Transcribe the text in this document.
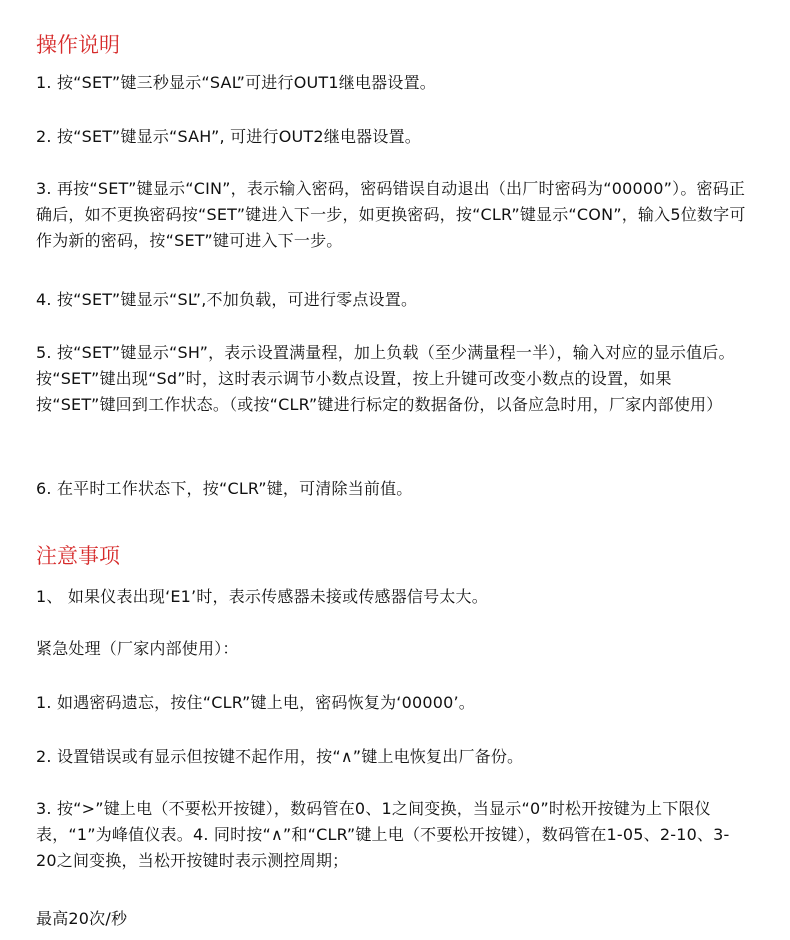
操作说明

1. 按“SET”键三秒显示“SAL”可进行OUT1继电器设置。

2. 按“SET”键显示“SAH”, 可进行OUT2继电器设置。

3. 再按“SET”键显示“CIN”，表示输入密码，密码错误自动退出（出厂时密码为“00000”）。密码正确后，如不更换密码按“SET”键进入下一步，如更换密码，按“CLR”键显示“CON”，输入5位数字可作为新的密码，按“SET”键可进入下一步。

4. 按“SET”键显示“SL”,不加负载，可进行零点设置。

5. 按“SET”键显示“SH”，表示设置满量程，加上负载（至少满量程一半），输入对应的显示值后。按“SET”键出现“Sd”时，这时表示调节小数点设置，按上升键可改变小数点的设置，如果按“SET”键回到工作状态。（或按“CLR”键进行标定的数据备份，以备应急时用，厂家内部使用）

6. 在平时工作状态下，按“CLR”键，可清除当前值。

注意事项

1、 如果仪表出现‘E1’时，表示传感器未接或传感器信号太大。

紧急处理（厂家内部使用）：

1. 如遇密码遗忘，按住“CLR”键上电，密码恢复为‘00000’。

2. 设置错误或有显示但按键不起作用，按“∧”键上电恢复出厂备份。

3. 按“>”键上电（不要松开按键），数码管在0、1之间变换，当显示“0”时松开按键为上下限仪表，“1”为峰值仪表。4. 同时按“∧”和“CLR”键上电（不要松开按键），数码管在1-05、2-10、3-20之间变换，当松开按键时表示测控周期；

最高20次/秒
